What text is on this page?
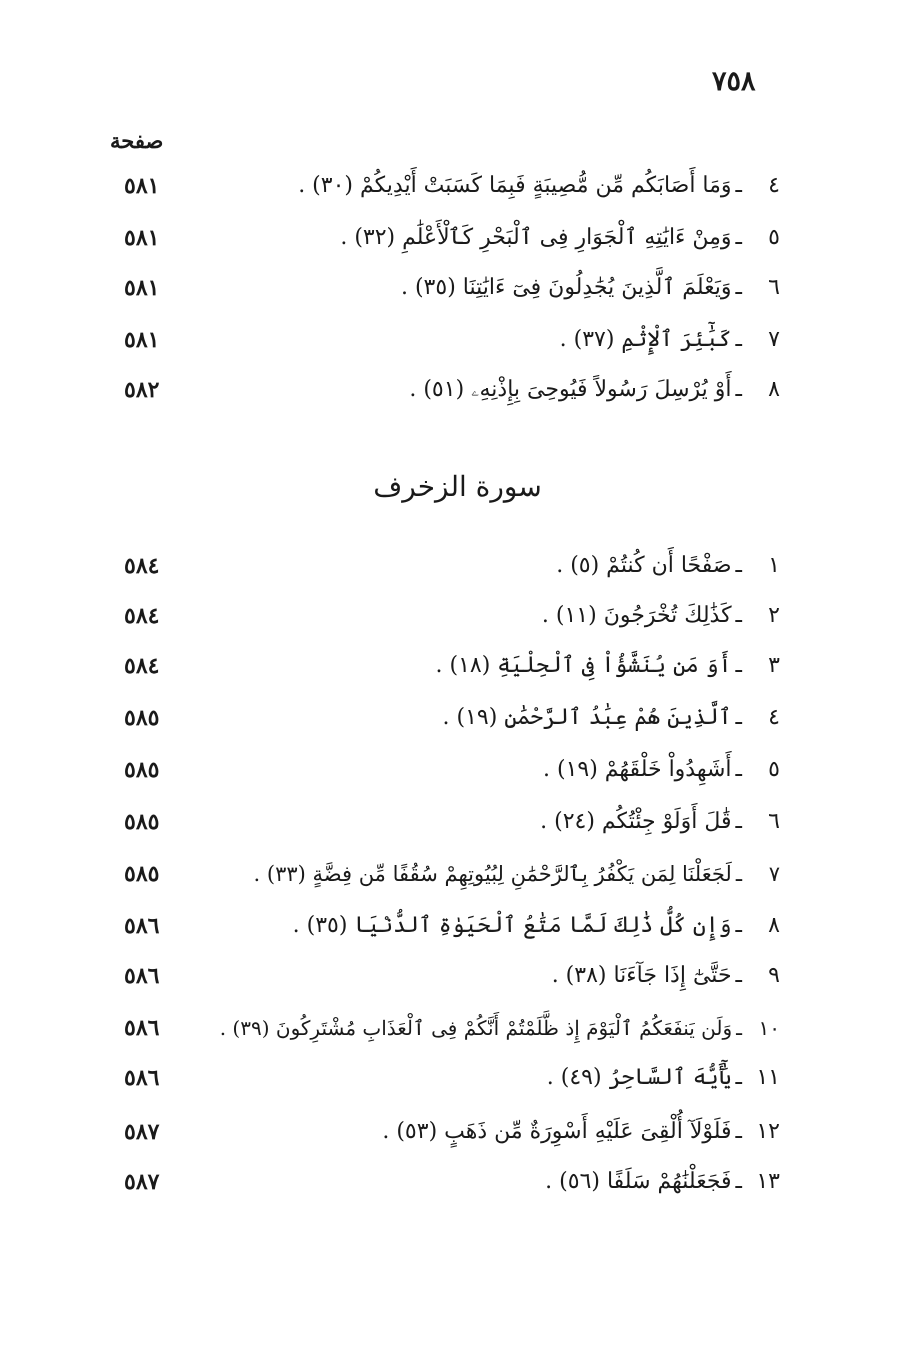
٧٥٨
صفحة
٤ـوَمَا أَصَابَكُم مِّن مُّصِيبَةٍ فَبِمَا كَسَبَتْ أَيْدِيكُمْ (٣٠) .
٥٨١
٥ـوَمِنْ ءَايَٰتِهِ ٱلْجَوَارِ فِى ٱلْبَحْرِ كَٱلْأَعْلَٰمِ (٣٢) .
٥٨١
٦ـوَيَعْلَمَ ٱلَّذِينَ يُجَٰدِلُونَ فِىٓ ءَايَٰتِنَا (٣٥) .
٥٨١
٧ـكَبَٰٓئِرَ ٱلْإِثْمِ (٣٧) .
٥٨١
٨ـأَوْ يُرْسِلَ رَسُولاً فَيُوحِىَ بِإِذْنِهِۦ (٥١) .
٥٨٢
سورة الزخرف
١ـصَفْحًا أَن كُنتُمْ (٥) .
٥٨٤
٢ـكَذَٰلِكَ تُخْرَجُونَ (١١) .
٥٨٤
٣ـأَوَ مَن يُنَشَّؤُاْ فِى ٱلْحِلْيَةِ (١٨) .
٥٨٤
٤ـٱلَّذِينَ هُمْ عِبَٰدُ ٱلرَّحْمَٰنِ (١٩) .
٥٨٥
٥ـأَشَهِدُواْ خَلْقَهُمْ (١٩) .
٥٨٥
٦ـقَٰلَ أَوَلَوْ جِئْتُكُم (٢٤) .
٥٨٥
٧ـلَجَعَلْنَا لِمَن يَكْفُرُ بِٱلرَّحْمَٰنِ لِبُيُوتِهِمْ سُقُفًا مِّن فِضَّةٍ (٣٣) .
٥٨٥
٨ـوَإِن كُلُّ ذَٰلِكَ لَمَّا مَتَٰعُ ٱلْحَيَوٰةِ ٱلدُّنْيَا (٣٥) .
٥٨٦
٩ـحَتَّىٰٓ إِذَا جَآءَنَا (٣٨) .
٥٨٦
١٠ـوَلَن يَنفَعَكُمُ ٱلْيَوْمَ إِذ ظَّلَمْتُمْ أَنَّكُمْ فِى ٱلْعَذَابِ مُشْتَرِكُونَ (٣٩) .
٥٨٦
١١ـيَٰٓأَيُّهَ ٱلسَّاحِرُ (٤٩) .
٥٨٦
١٢ـفَلَوْلَآ أُلْقِىَ عَلَيْهِ أَسْوِرَةٌ مِّن ذَهَبٍ (٥٣) .
٥٨٧
١٣ـفَجَعَلْنَٰهُمْ سَلَفًا (٥٦) .
٥٨٧
